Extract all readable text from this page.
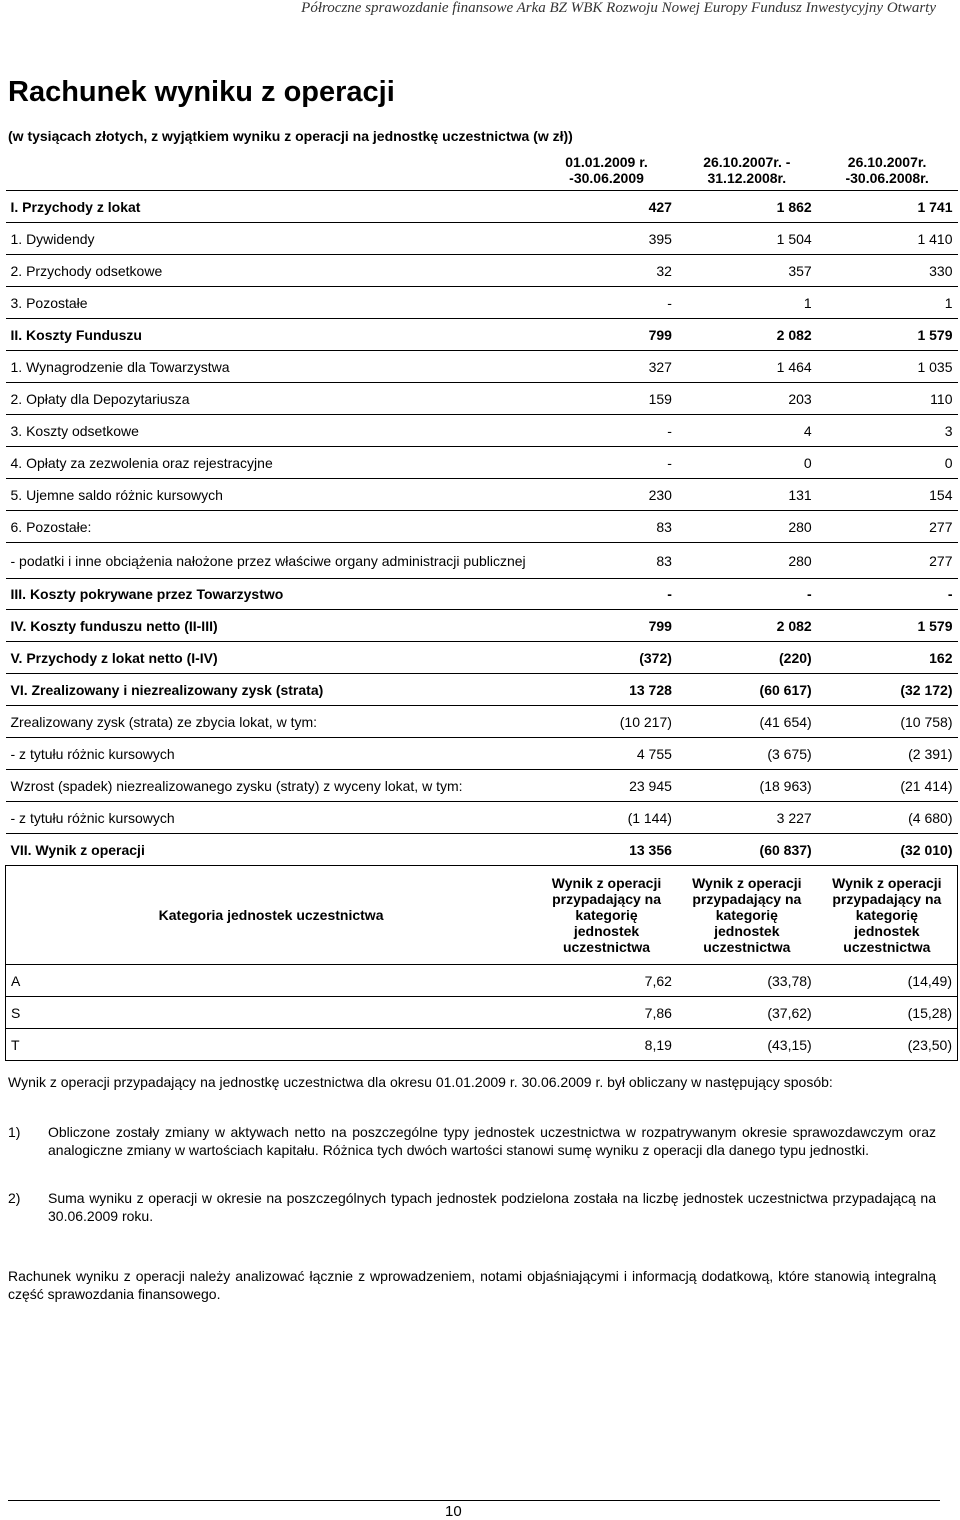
Półroczne sprawozdanie finansowe Arka BZ WBK Rozwoju Nowej Europy Fundusz Inwestycyjny Otwarty
Rachunek wyniku z operacji
(w tysiącach złotych, z wyjątkiem wyniku z operacji na jednostkę uczestnictwa (w zł))
	01.01.2009 r. -30.06.2009	26.10.2007r. - 31.12.2008r.	26.10.2007r. -30.06.2008r.
I. Przychody z lokat	427	1 862	1 741
1. Dywidendy	395	1 504	1 410
2. Przychody odsetkowe	32	357	330
3. Pozostałe	-	1	1
II. Koszty Funduszu	799	2 082	1 579
1. Wynagrodzenie dla Towarzystwa	327	1 464	1 035
2. Opłaty dla Depozytariusza	159	203	110
3. Koszty odsetkowe	-	4	3
4. Opłaty za zezwolenia oraz rejestracyjne	-	0	0
5. Ujemne saldo różnic kursowych	230	131	154
6. Pozostałe:	83	280	277
- podatki i inne obciążenia nałożone przez właściwe organy administracji publicznej	83	280	277
III. Koszty pokrywane przez Towarzystwo	-	-	-
IV. Koszty funduszu netto (II-III)	799	2 082	1 579
V. Przychody z lokat netto (I-IV)	(372)	(220)	162
VI. Zrealizowany i niezrealizowany zysk (strata)	13 728	(60 617)	(32 172)
Zrealizowany zysk (strata) ze zbycia lokat, w tym:	(10 217)	(41 654)	(10 758)
- z tytułu różnic kursowych	4 755	(3 675)	(2 391)
Wzrost (spadek) niezrealizowanego zysku (straty) z wyceny lokat, w tym:	23 945	(18 963)	(21 414)
- z tytułu różnic kursowych	(1 144)	3 227	(4 680)
VII. Wynik z operacji	13 356	(60 837)	(32 010)
Kategoria jednostek uczestnictwa	Wynik z operacji przypadający na kategorię jednostek uczestnictwa	Wynik z operacji przypadający na kategorię jednostek uczestnictwa	Wynik z operacji przypadający na kategorię jednostek uczestnictwa
A	7,62	(33,78)	(14,49)
S	7,86	(37,62)	(15,28)
T	8,19	(43,15)	(23,50)

Wynik z operacji przypadający na jednostkę uczestnictwa dla okresu 01.01.2009 r. 30.06.2009 r. był obliczany w następujący sposób:

1) Obliczone zostały zmiany w aktywach netto na poszczególne typy jednostek uczestnictwa w rozpatrywanym okresie sprawozdawczym oraz analogiczne zmiany w wartościach kapitału. Różnica tych dwóch wartości stanowi sumę wyniku z operacji dla danego typu jednostki.
2) Suma wyniku z operacji w okresie na poszczególnych typach jednostek podzielona została na liczbę jednostek uczestnictwa przypadającą na 30.06.2009 roku.

Rachunek wyniku z operacji należy analizować łącznie z wprowadzeniem, notami objaśniającymi i informacją dodatkową, które stanowią integralną część sprawozdania finansowego.

10
